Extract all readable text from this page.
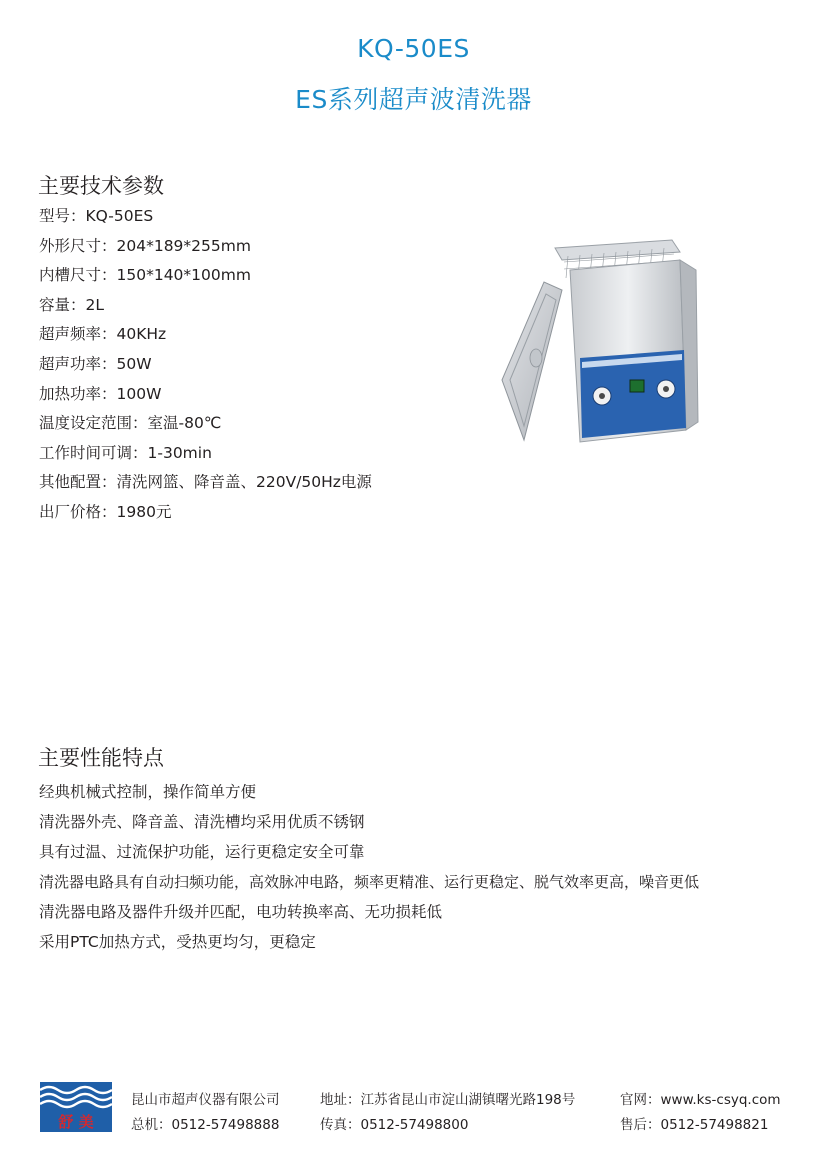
KQ-50ES
ES系列超声波清洗器
主要技术参数
型号：KQ-50ES
外形尺寸：204*189*255mm
内槽尺寸：150*140*100mm
容量：2L
超声频率：40KHz
超声功率：50W
加热功率：100W
温度设定范围：室温-80℃
工作时间可调：1-30min
其他配置：清洗网篮、降音盖、220V/50Hz电源
出厂价格：1980元
主要性能特点
经典机械式控制，操作简单方便
清洗器外壳、降音盖、清洗槽均采用优质不锈钢
具有过温、过流保护功能，运行更稳定安全可靠
清洗器电路具有自动扫频功能，高效脉冲电路，频率更精准、运行更稳定、脱气效率更高，噪音更低
清洗器电路及器件升级并匹配，电功转换率高、无功损耗低
采用PTC加热方式，受热更均匀，更稳定
舒 美
昆山市超声仪器有限公司
总机：0512-57498888
地址：江苏省昆山市淀山湖镇曙光路198号
传真：0512-57498800
官网：www.ks-csyq.com
售后：0512-57498821
